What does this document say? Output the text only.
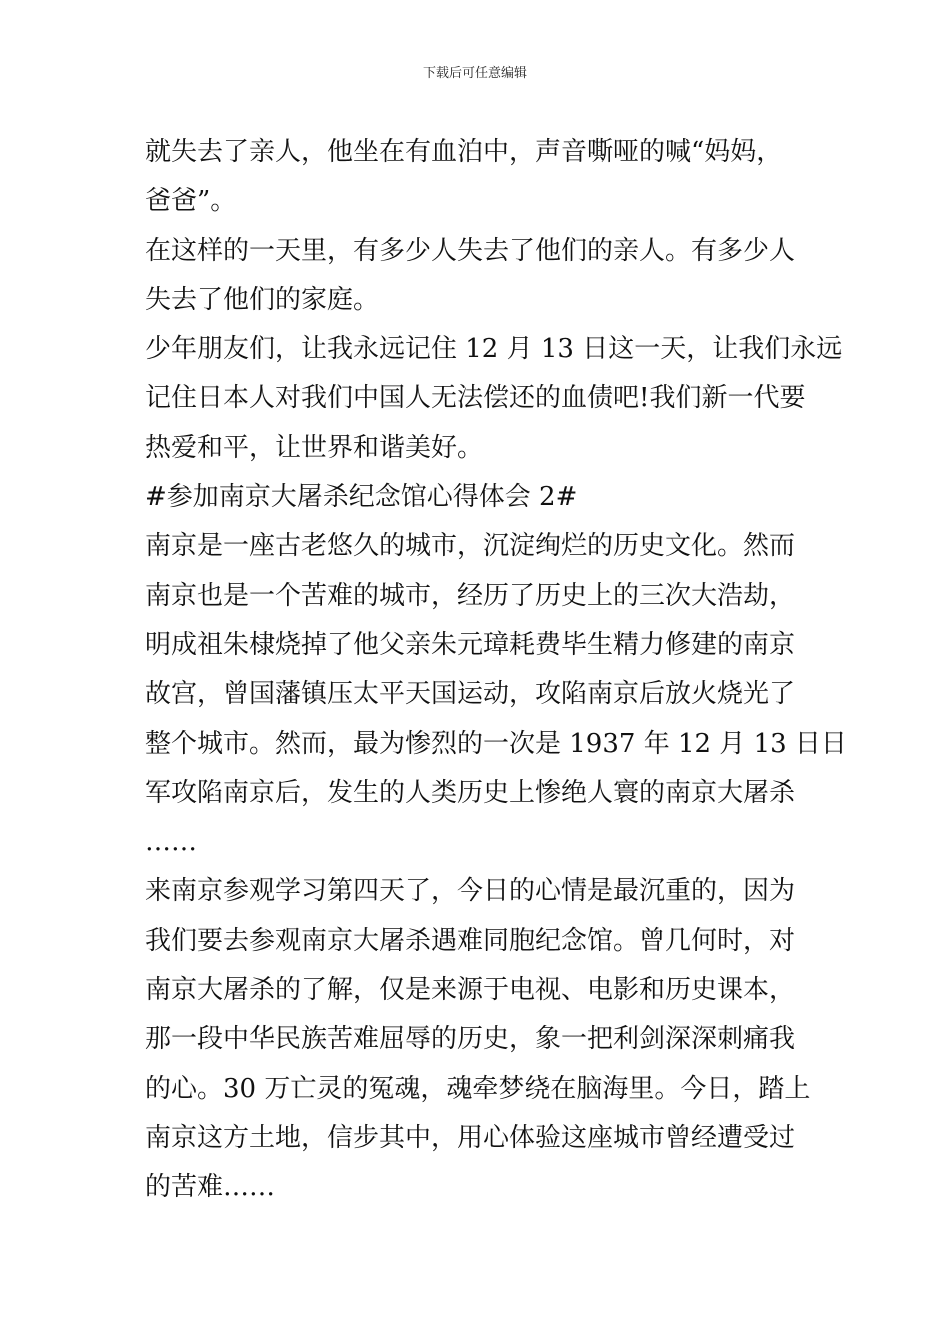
下载后可任意编辑

就失去了亲人，他坐在有血泊中，声音嘶哑的喊“妈妈，
爸爸”。

在这样的一天里，有多少人失去了他们的亲人。有多少人
失去了他们的家庭。

少年朋友们，让我永远记住 12 月 13 日这一天，让我们永远
记住日本人对我们中国人无法偿还的血债吧!我们新一代要
热爱和平，让世界和谐美好。

#参加南京大屠杀纪念馆心得体会 2#

南京是一座古老悠久的城市，沉淀绚烂的历史文化。然而
南京也是一个苦难的城市，经历了历史上的三次大浩劫，
明成祖朱棣烧掉了他父亲朱元璋耗费毕生精力修建的南京
故宫，曾国藩镇压太平天国运动，攻陷南京后放火烧光了
整个城市。然而，最为惨烈的一次是 1937 年 12 月 13 日日
军攻陷南京后，发生的人类历史上惨绝人寰的南京大屠杀
……

来南京参观学习第四天了，今日的心情是最沉重的，因为
我们要去参观南京大屠杀遇难同胞纪念馆。曾几何时，对
南京大屠杀的了解，仅是来源于电视、电影和历史课本，
那一段中华民族苦难屈辱的历史，象一把利剑深深刺痛我
的心。30 万亡灵的冤魂，魂牵梦绕在脑海里。今日，踏上
南京这方土地，信步其中，用心体验这座城市曾经遭受过
的苦难……
